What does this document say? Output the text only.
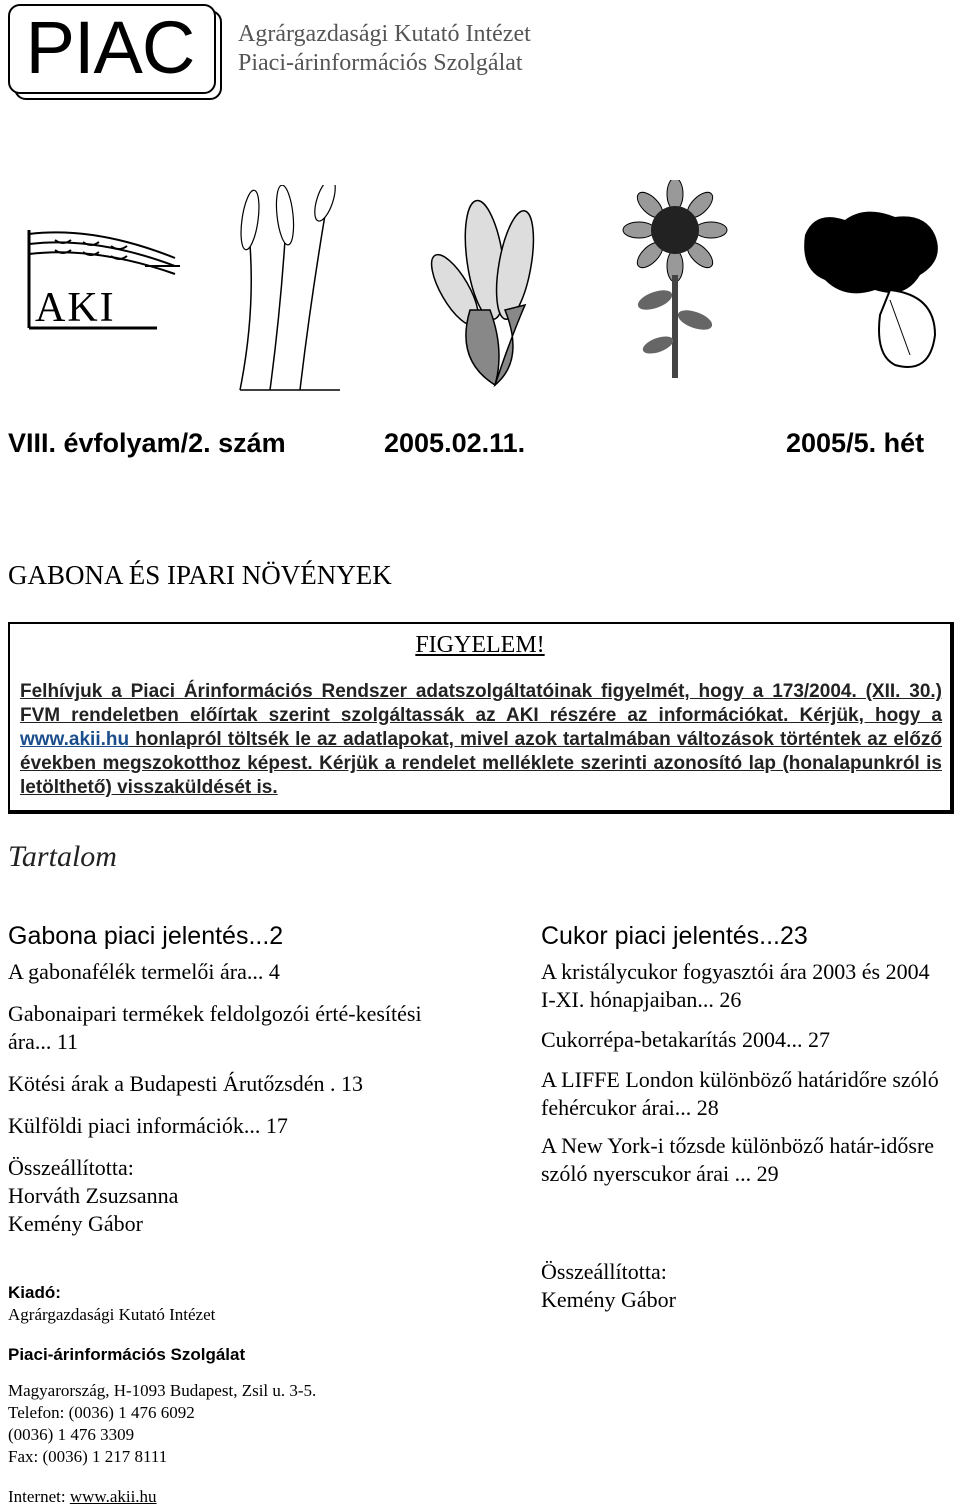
PIAC	Agrárgazdasági Kutató Intézet
Piaci-árinformációs Szolgálat
AKI
VIII. évfolyam/2. szám	2005.02.11.	2005/5. hét
GABONA ÉS IPARI NÖVÉNYEK
FIGYELEM!
Felhívjuk a Piaci Árinformációs Rendszer adatszolgáltatóinak figyelmét, hogy a 173/2004. (XII. 30.) FVM rendeletben előírtak szerint szolgáltassák az AKI részére az információkat. Kérjük, hogy a www.akii.hu honlapról töltsék le az adatlapokat, mivel azok tartalmában változások történtek az előző években megszokotthoz képest. Kérjük a rendelet melléklete szerinti azonosító lap (honalapunkról is letölthető) visszaküldését is.
Tartalom
Gabona piaci jelentés...2
A gabonafélék termelői ára... 4
Gabonaipari termékek feldolgozói érté-kesítési ára... 11
Kötési árak a Budapesti Árutőzsdén . 13
Külföldi piaci információk... 17
Összeállította:
Horváth Zsuzsanna
Kemény Gábor
Cukor piaci jelentés...23
A kristálycukor fogyasztói ára 2003 és 2004 I-XI. hónapjaiban... 26
Cukorrépa-betakarítás 2004... 27
A LIFFE London különböző határidőre szóló fehércukor árai... 28
A New York-i tőzsde különböző határ-idősre szóló nyerscukor árai ... 29
Összeállította:
Kemény Gábor
Kiadó:
Agrárgazdasági Kutató Intézet
Piaci-árinformációs Szolgálat
Magyarország, H-1093 Budapest, Zsil u. 3-5.
Telefon: (0036) 1 476 6092
(0036) 1 476 3309
Fax: (0036) 1 217 8111
Internet: www.akii.hu
